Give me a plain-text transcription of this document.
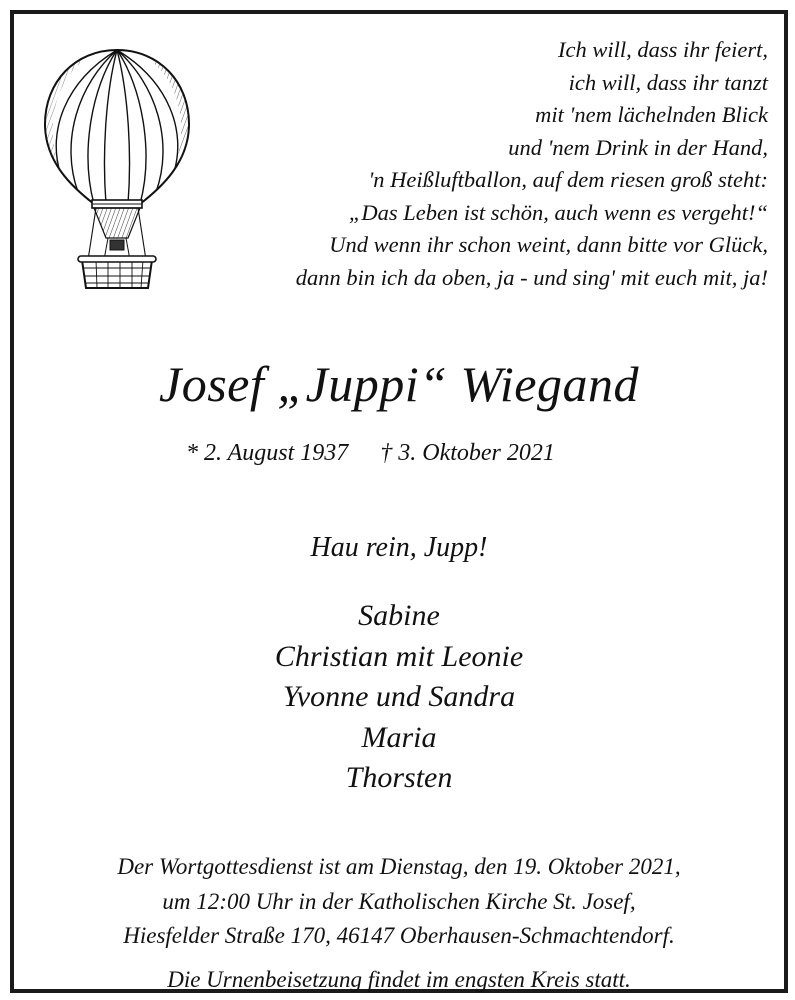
Ich will, dass ihr feiert,
ich will, dass ihr tanzt
mit 'nem lächelnden Blick
und 'nem Drink in der Hand,
'n Heißluftballon, auf dem riesen groß steht:
„Das Leben ist schön, auch wenn es vergeht!“
Und wenn ihr schon weint, dann bitte vor Glück,
dann bin ich da oben, ja - und sing' mit euch mit, ja!
Josef „Juppi“ Wiegand
* 2. August 1937 † 3. Oktober 2021
Hau rein, Jupp!
Sabine
Christian mit Leonie
Yvonne und Sandra
Maria
Thorsten
Der Wortgottesdienst ist am Dienstag, den 19. Oktober 2021,
um 12:00 Uhr in der Katholischen Kirche St. Josef,
Hiesfelder Straße 170, 46147 Oberhausen-Schmachtendorf.
Die Urnenbeisetzung findet im engsten Kreis statt.
